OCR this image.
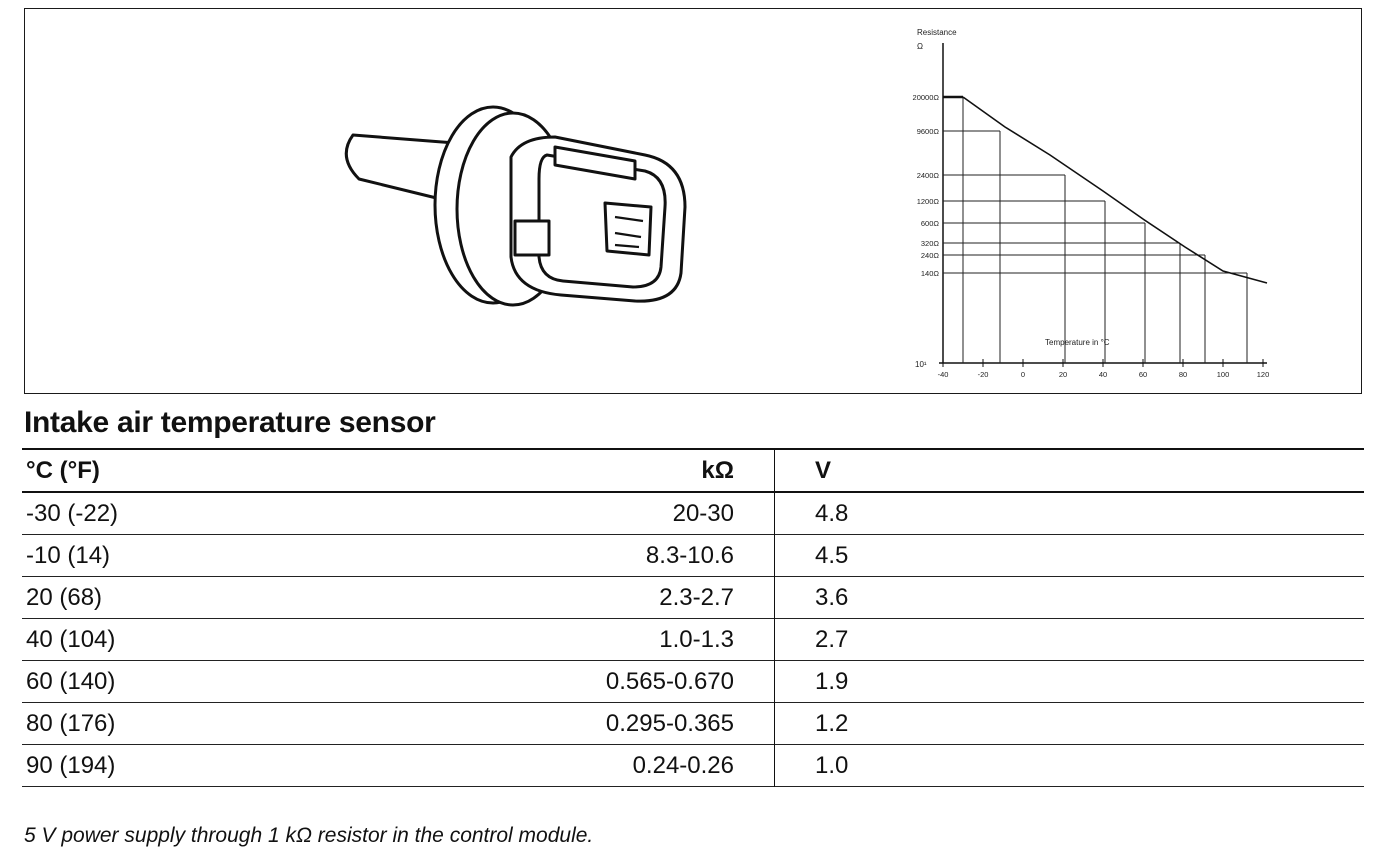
Resistance
Ω
10¹
20000Ω
9600Ω
2400Ω
1200Ω
600Ω
320Ω
240Ω
140Ω
-40	-20	0	20	40	60	80	100	120
Temperature in °C
Intake air temperature sensor
°C (°F)	kΩ	V
-30 (-22)	20-30	4.8
-10 (14)	8.3-10.6	4.5
20 (68)	2.3-2.7	3.6
40 (104)	1.0-1.3	2.7
60 (140)	0.565-0.670	1.9
80 (176)	0.295-0.365	1.2
90 (194)	0.24-0.26	1.0

5 V power supply through 1 kΩ resistor in the control module.
